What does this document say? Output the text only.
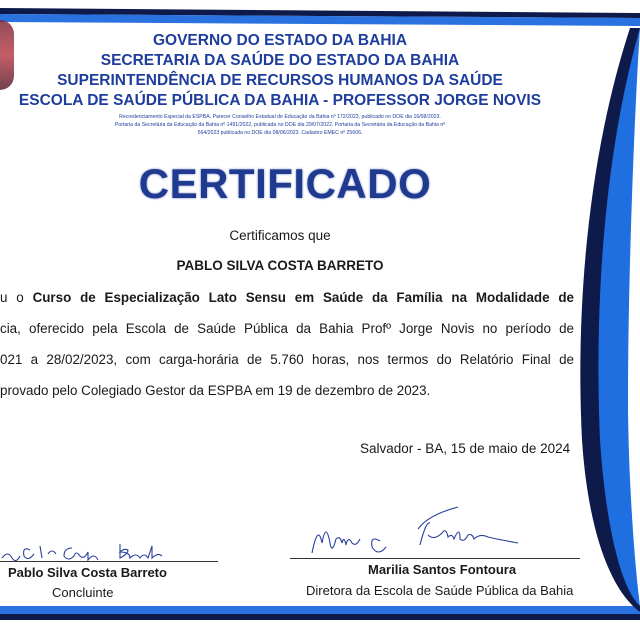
GOVERNO DO ESTADO DA BAHIA
SECRETARIA DA SAÚDE DO ESTADO DA BAHIA
SUPERINTENDÊNCIA DE RECURSOS HUMANOS DA SAÚDE
ESCOLA DE SAÚDE PÚBLICA DA BAHIA - PROFESSOR JORGE NOVIS
Recredenciamento Especial da ESPBA. Parecer Conselho Estadual de Educação da Bahia nº 172/2023, publicado no DOE dia 16/08/2023.
Portaria da Secretária da Educação da Bahia nº 1491/2022, publicada no DOE dia 29/07/2022. Portaria da Secretária da Educação da Bahia nº
564/2023 publicada no DOE dia 08/06/2023. Cadastro EMEC nº 25606.
CERTIFICADO
Certificamos que
PABLO SILVA COSTA BARRETO
u o Curso de Especialização Lato Sensu em Saúde da Família na Modalidade de
cia, oferecido pela Escola de Saúde Pública da Bahia Profº Jorge Novis no período de
021 a 28/02/2023, com carga-horária de 5.760 horas, nos termos do Relatório Final de
provado pelo Colegiado Gestor da ESPBA em 19 de dezembro de 2023.
Salvador - BA, 15 de maio de 2024
Pablo Silva Costa Barreto
Concluinte
Marilia Santos Fontoura
Diretora da Escola de Saúde Pública da Bahia
